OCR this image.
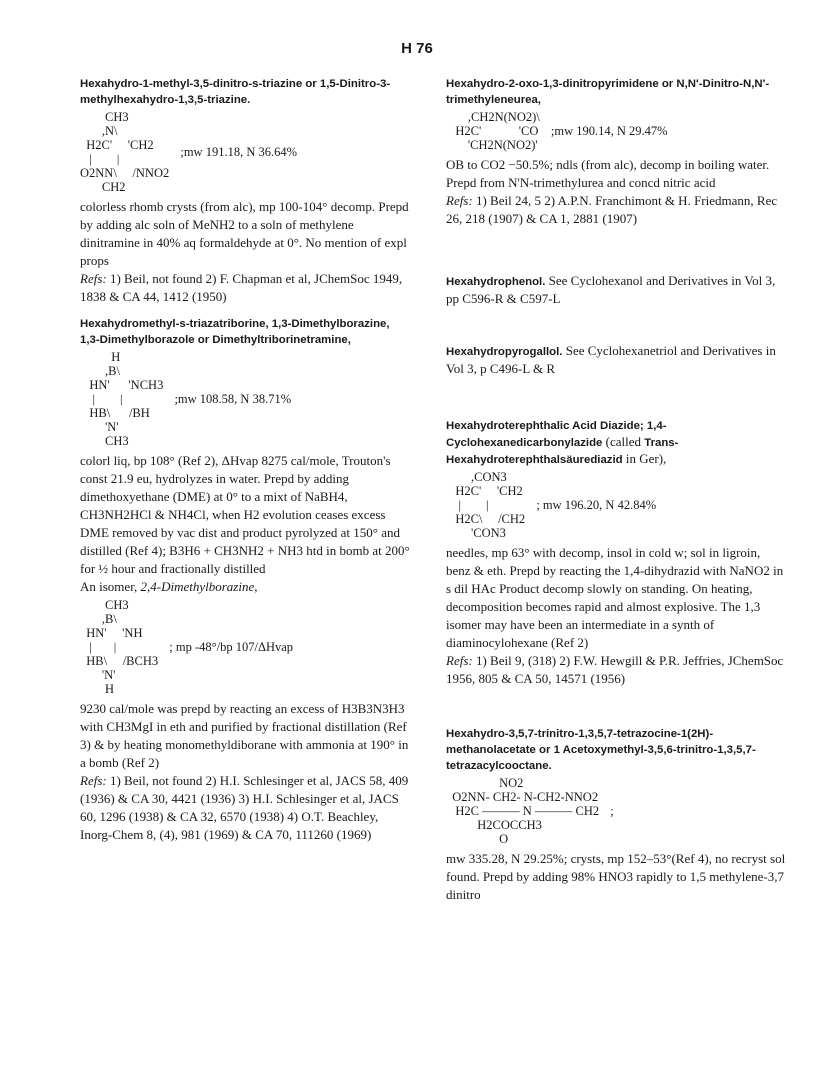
H 76
Hexahydro-1-methyl-3,5-dinitro-s-triazine or 1,5-Dinitro-3-methylhexahydro-1,3,5-triazine.
CH3
,N\
H2C'     'CH2
|        |
O2NN\     /NNO2
CH2 ;mw 191.18, N 36.64%

colorless rhomb crysts (from alc), mp 100-104° decomp. Prepd by adding alc soln of MeNH2 to a soln of methylene dinitramine in 40% aq formaldehyde at 0°. No mention of expl props

Refs: 1) Beil, not found 2) F. Chapman et al, JChemSoc 1949, 1838 & CA 44, 1412 (1950)

Hexahydromethyl-s-triazatriborine, 1,3-Dimethylborazine, 1,3-Dimethylborazole or Dimethyltriborinetramine,
H
,B\
HN'      'NCH3
|        |
HB\      /BH
'N'
CH3 ;mw 108.58, N 38.71%

colorl liq, bp 108° (Ref 2), ΔHvap 8275 cal/mole, Trouton's const 21.9 eu, hydrolyzes in water. Prepd by adding dimethoxyethane (DME) at 0° to a mixt of NaBH4, CH3NH2HCl & NH4Cl, when H2 evolution ceases excess DME removed by vac dist and product pyrolyzed at 150° and distilled (Ref 4); B3H6 + CH3NH2 + NH3 htd in bomb at 200° for ½ hour and fractionally distilled

An isomer, 2,4-Dimethylborazine,

CH3
,B\
HN'     'NH
|       |
HB\     /BCH3
'N'
H ; mp -48°/bp 107/ΔHvap

9230 cal/mole was prepd by reacting an excess of H3B3N3H3 with CH3MgI in eth and purified by fractional distillation (Ref 3) & by heating monomethyldiborane with ammonia at 190° in a bomb (Ref 2)

Refs: 1) Beil, not found 2) H.I. Schlesinger et al, JACS 58, 409 (1936) & CA 30, 4421 (1936) 3) H.I. Schlesinger et al, JACS 60, 1296 (1938) & CA 32, 6570 (1938) 4) O.T. Beachley, Inorg-Chem 8, (4), 981 (1969) & CA 70, 111260 (1969)

Hexahydro-2-oxo-1,3-dinitropyrimidene or N,N'-Dinitro-N,N'-trimethyleneurea,
,CH2N(NO2)\
H2C'            'CO
'CH2N(NO2)' ;mw 190.14, N 29.47%

OB to CO2 −50.5%; ndls (from alc), decomp in boiling water. Prepd from N'N-trimethylurea and concd nitric acid

Refs: 1) Beil 24, 5 2) A.P.N. Franchimont & H. Friedmann, Rec 26, 218 (1907) & CA 1, 2881 (1907)

Hexahydrophenol. See Cyclohexanol and Derivatives in Vol 3, pp C596-R & C597-L
Hexahydropyrogallol. See Cyclohexanetriol and Derivatives in Vol 3, p C496-L & R
Hexahydroterephthalic Acid Diazide; 1,4-Cyclohexanedicarbonylazide (called Trans-Hexahydroterephthalsäurediazid in Ger),
,CON3
H2C'     'CH2
|        |
H2C\     /CH2
'CON3 ; mw 196.20, N 42.84%

needles, mp 63° with decomp, insol in cold w; sol in ligroin, benz & eth. Prepd by reacting the 1,4-dihydrazid with NaNO2 in s dil HAc Product decomp slowly on standing. On heating, decomposition becomes rapid and almost explosive. The 1,3 isomer may have been an intermediate in a synth of diaminocylohexane (Ref 2)

Refs: 1) Beil 9, (318) 2) F.W. Hewgill & P.R. Jeffries, JChemSoc 1956, 805 & CA 50, 14571 (1956)

Hexahydro-3,5,7-trinitro-1,3,5,7-tetrazocine-1(2H)-methanolacetate or 1 Acetoxymethyl-3,5,6-trinitro-1,3,5,7-tetrazacylcooctane.
NO2
O2NN- CH2- N-CH2-NNO2
H2C ——— N ——— CH2
H2COCCH3
O ;

mw 335.28, N 29.25%; crysts, mp 152–53°(Ref 4), no recryst sol found. Prepd by adding 98% HNO3 rapidly to 1,5 methylene-3,7 dinitro
